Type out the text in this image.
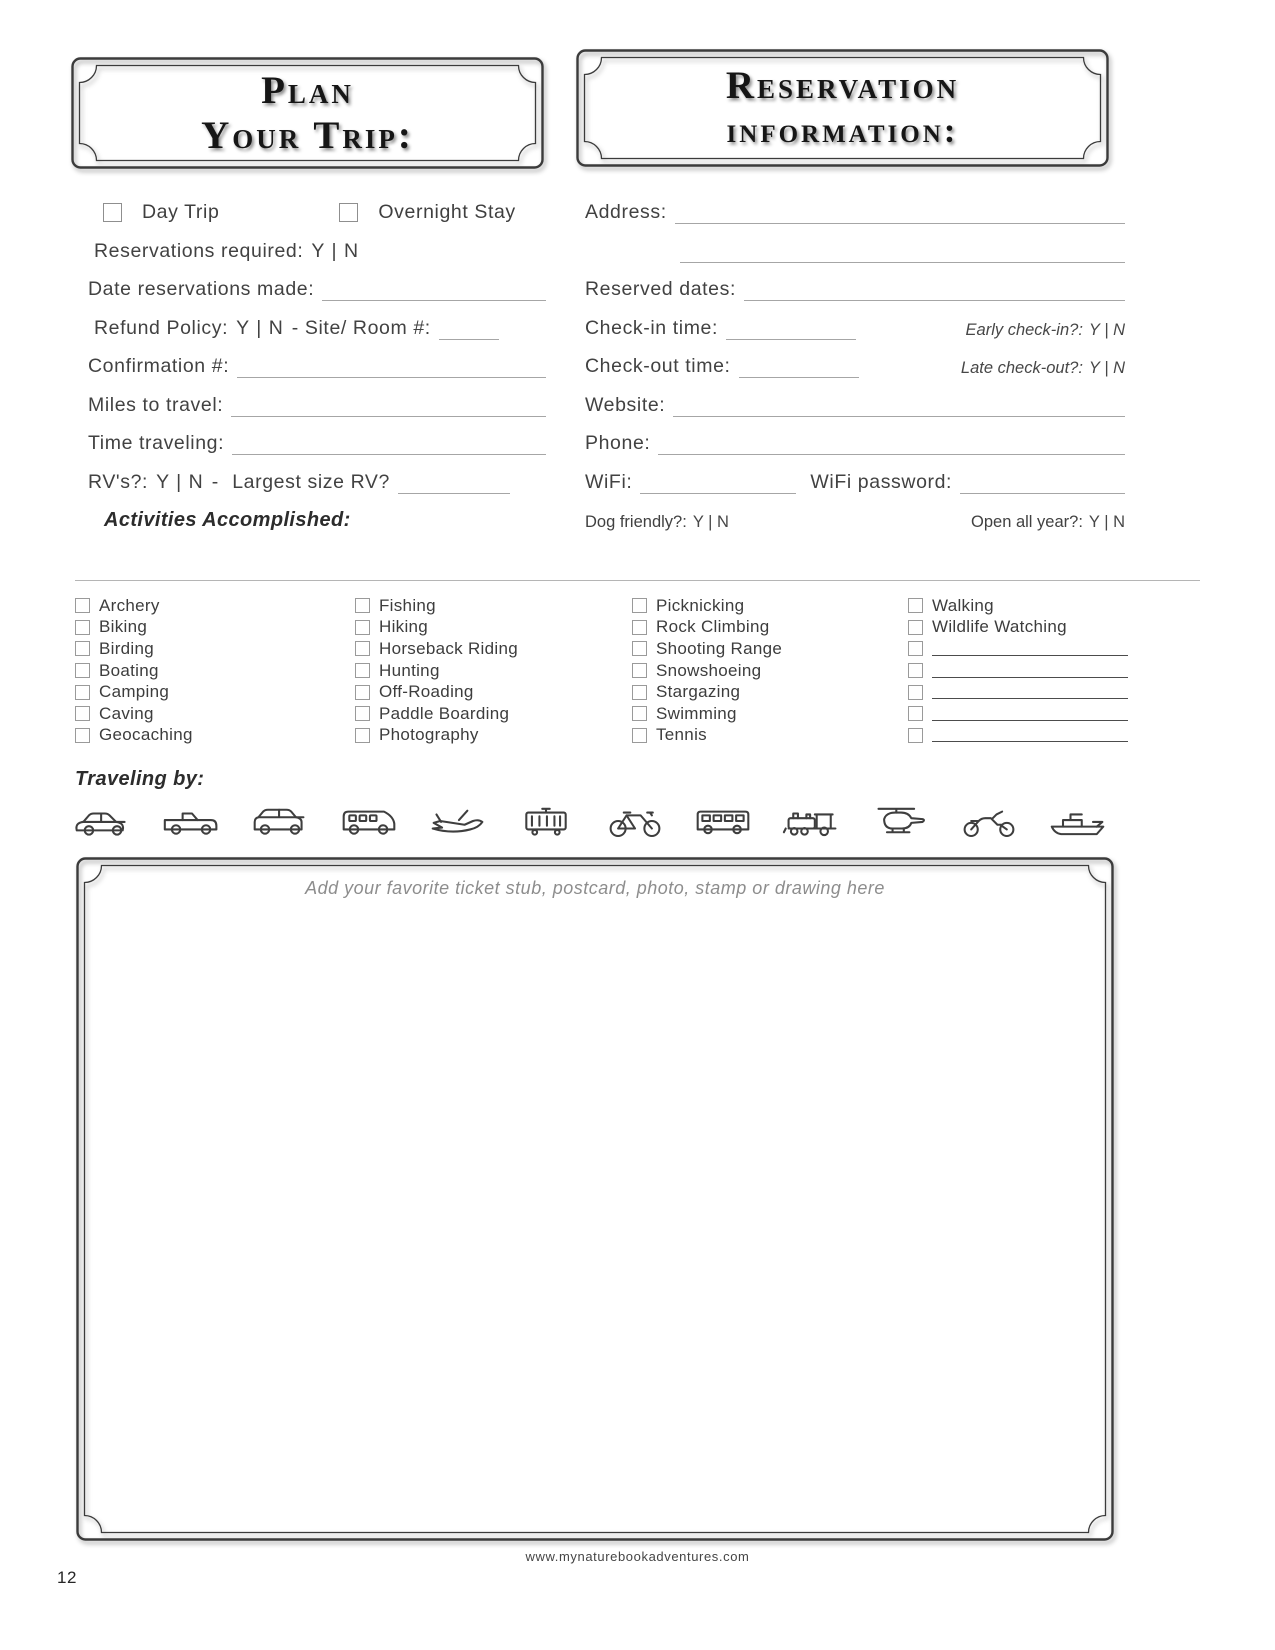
Plan
Your Trip:
Reservation
information:
Day Trip	Overnight Stay
Reservations required: Y | N
Date reservations made:
Refund Policy: Y | N - Site/ Room #:
Confirmation #:
Miles to travel:
Time traveling:
RV's?: Y | N - Largest size RV?
Activities Accomplished:
Address:
Reserved dates:
Check-in time:	Early check-in?: Y | N
Check-out time:	Late check-out?: Y | N
Website:
Phone:
WiFi:	WiFi password:
Dog friendly?: Y | N	Open all year?: Y | N
Archery
Biking
Birding
Boating
Camping
Caving
Geocaching
Fishing
Hiking
Horseback Riding
Hunting
Off-Roading
Paddle Boarding
Photography
Picknicking
Rock Climbing
Shooting Range
Snowshoeing
Stargazing
Swimming
Tennis
Walking
Wildlife Watching
Traveling by:
Add your favorite ticket stub, postcard, photo, stamp or drawing here
www.mynaturebookadventures.com
12
